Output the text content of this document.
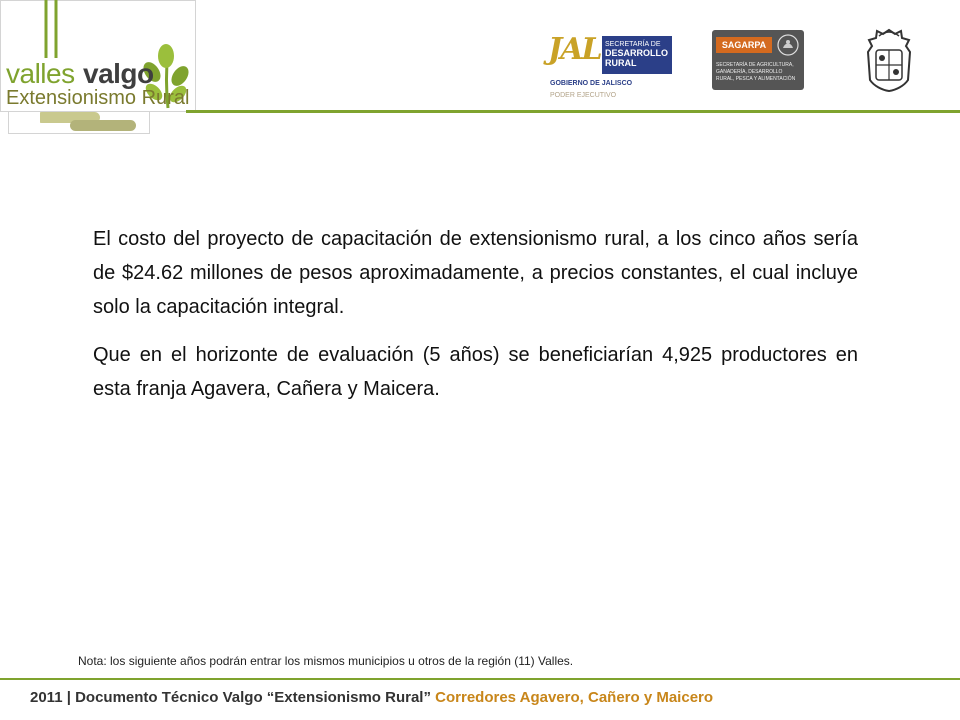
valles valgo
Extensionismo Rural
JAL SECRETARÍA DE
DESARROLLO RURAL
GOBIERNO DE JALISCO
PODER EJECUTIVO
SAGARPA
SECRETARÍA DE AGRICULTURA, GANADERÍA, DESARROLLO RURAL, PESCA Y ALIMENTACIÓN

El costo del proyecto de capacitación de extensionismo rural, a los cinco años sería de $24.62 millones de pesos aproximadamente, a precios constantes, el cual incluye solo la capacitación integral.

Que en el horizonte de evaluación (5 años) se beneficiarían 4,925 productores en esta franja Agavera, Cañera y Maicera.

Nota: los siguiente años podrán entrar los mismos municipios u otros de la región (11) Valles.
2011 | Documento Técnico Valgo “Extensionismo Rural” Corredores Agavero, Cañero y Maicero
